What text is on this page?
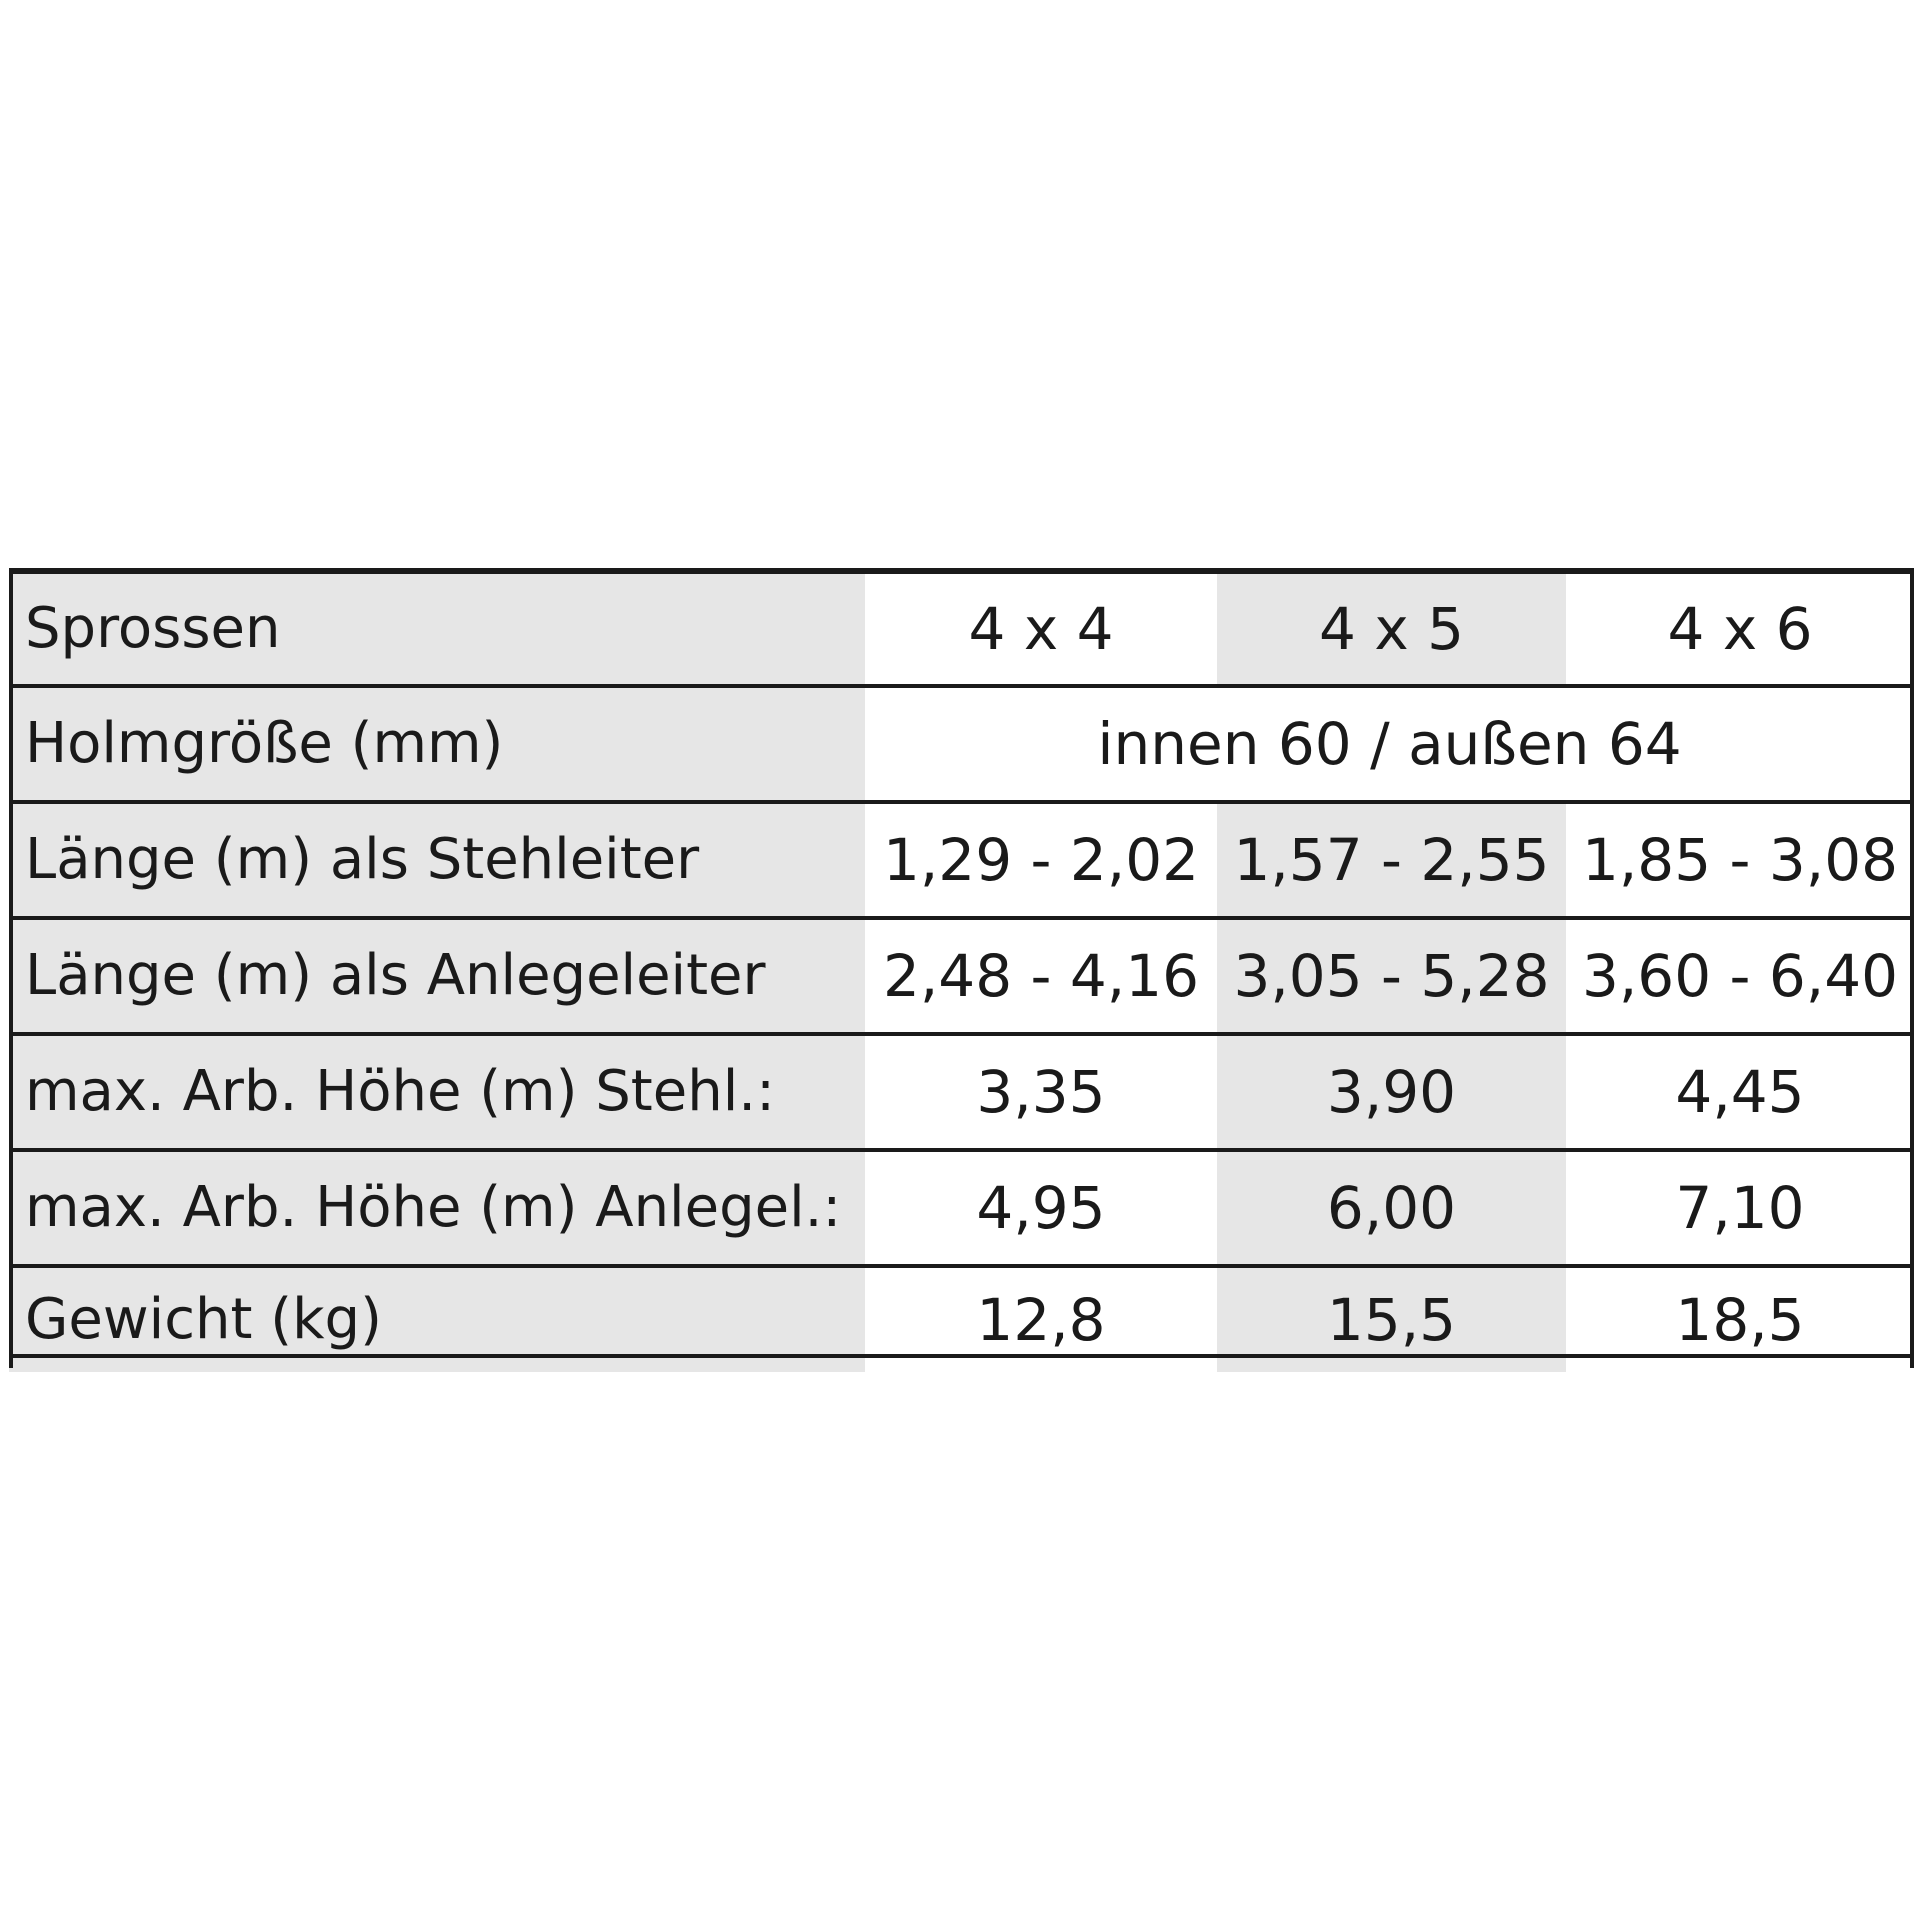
Sprossen	4 x 4	4 x 5	4 x 6
Holmgröße (mm)	innen 60 / außen 64		
Länge (m) als Stehleiter	1,29 - 2,02	1,57 - 2,55	1,85 - 3,08
Länge (m) als Anlegeleiter	2,48 - 4,16	3,05 - 5,28	3,60 - 6,40
max. Arb. Höhe (m) Stehl.:	3,35	3,90	4,45
max. Arb. Höhe (m) Anlegel.:	4,95	6,00	7,10
Gewicht (kg)	12,8	15,5	18,5
